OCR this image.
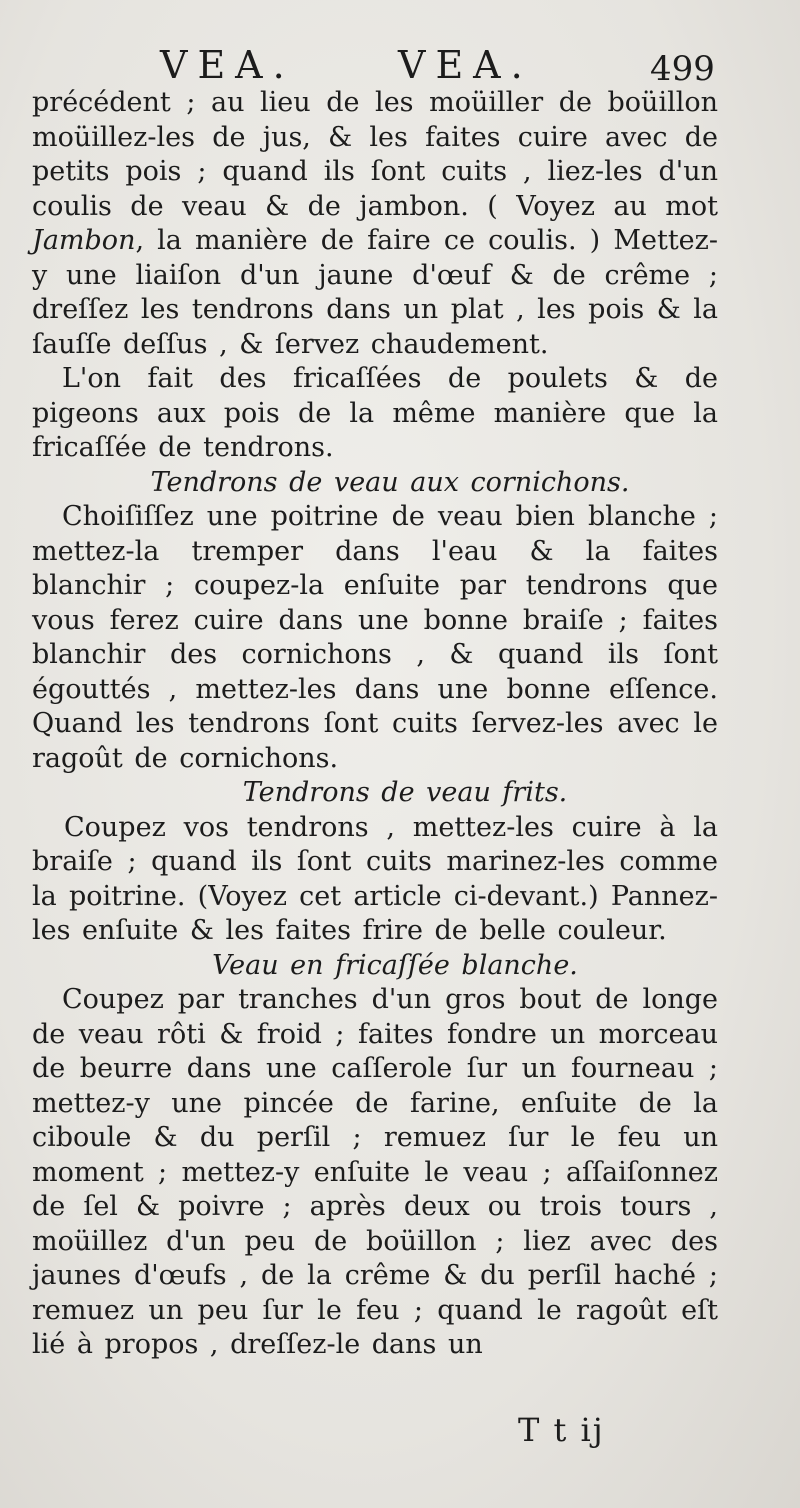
VEA.	VEA.	499

précédent ; au lieu de les moüiller de boüillon moüillez-les de jus, & les faites cuire avec de petits pois ; quand ils ſont cuits , liez-les d'un coulis de veau & de jambon. ( Voyez au mot Jambon, la manière de faire ce coulis. ) Mettez-y une liaiſon d'un jaune d'œuf & de crême ; dreſſez les tendrons dans un plat , les pois & la ſauſſe deſſus , & ſervez chaudement.

L'on fait des fricaſſées de poulets & de pigeons aux pois de la même manière que la fricaſſée de tendrons.

Tendrons de veau aux cornichons.

Choiſiſſez une poitrine de veau bien blanche ; mettez-la tremper dans l'eau & la faites blanchir ; coupez-la enſuite par tendrons que vous ferez cuire dans une bonne braiſe ; faites blanchir des cornichons , & quand ils ſont égouttés , mettez-les dans une bonne eſſence. Quand les tendrons ſont cuits ſervez-les avec le ragoût de cornichons.

Tendrons de veau frits.

Coupez vos tendrons , mettez-les cuire à la braiſe ; quand ils ſont cuits marinez-les comme la poitrine. (Voyez cet article ci-devant.) Pannez-les enſuite & les faites frire de belle couleur.

Veau en fricaſſée blanche.

Coupez par tranches d'un gros bout de longe de veau rôti & froid ; faites fondre un morceau de beurre dans une caſſerole ſur un fourneau ; mettez-y une pincée de farine, enſuite de la ciboule & du perſil ; remuez ſur le feu un moment ; mettez-y enſuite le veau ; aſſaiſonnez de ſel & poivre ; après deux ou trois tours , moüillez d'un peu de boüillon ; liez avec des jaunes d'œufs , de la crême & du perſil haché ; remuez un peu ſur le feu ; quand le ragoût eſt lié à propos , dreſſez-le dans un

T t ij
